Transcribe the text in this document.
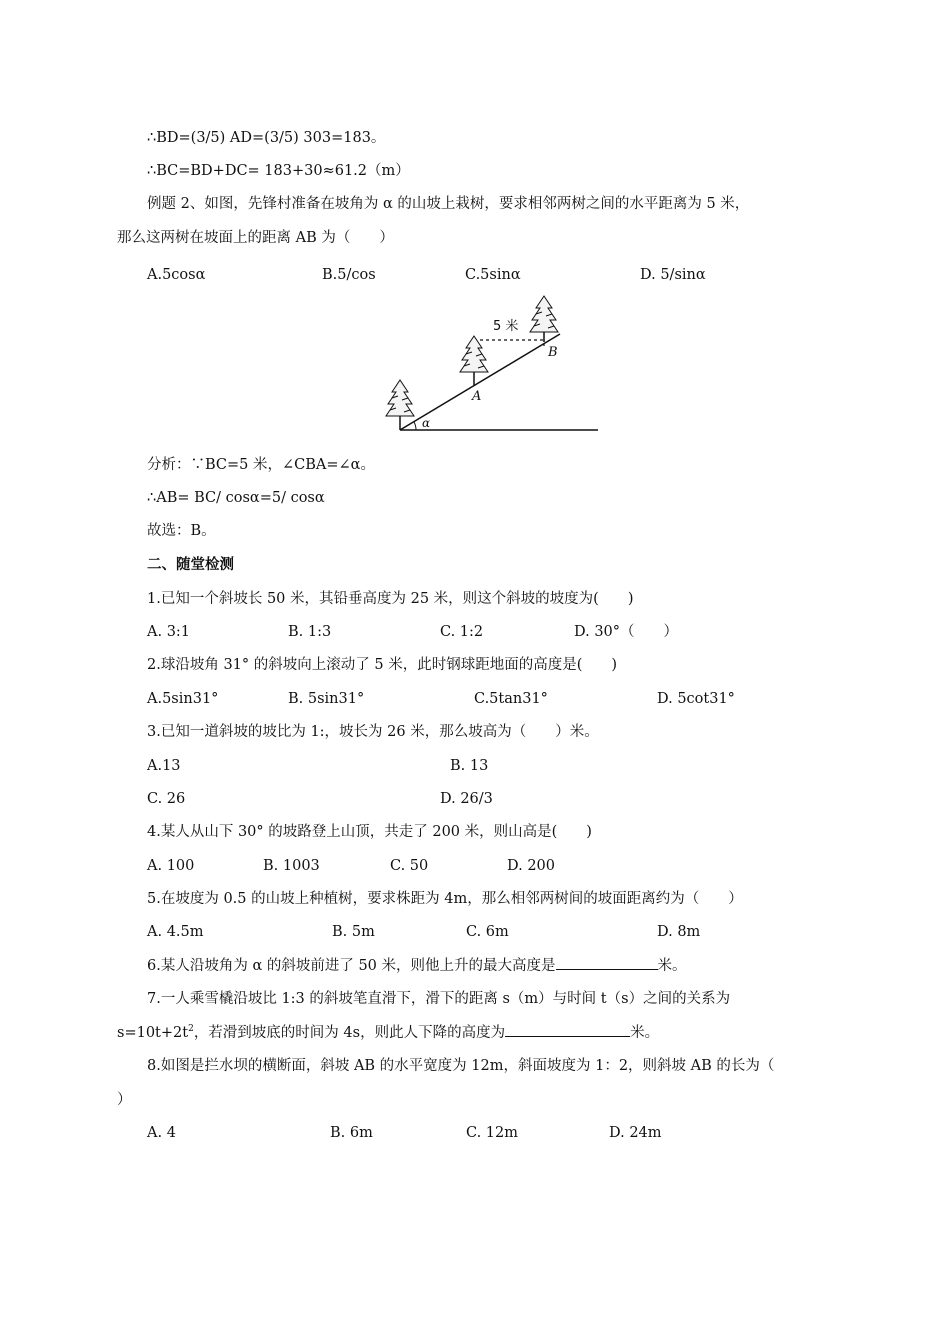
∴BD=(3/5) AD=(3/5) 303=183。
∴BC=BD+DC= 183+30≈61.2（m）
例题 2、如图，先锋村准备在坡角为 α 的山坡上栽树，要求相邻两树之间的水平距离为 5 米，
那么这两树在坡面上的距离 AB 为（　　）
A.5cosα	B.5/cos	C.5sinα	D. 5/sinα
5 米
A
B
α
分析：∵BC=5 米，∠CBA=∠α。
∴AB= BC/ cosα=5/ cosα
故选：B。
二、随堂检测
1.已知一个斜坡长 50 米，其铅垂高度为 25 米，则这个斜坡的坡度为(　　)
A. 3:1	B. 1:3	C. 1:2	D. 30°（　　）
2.球沿坡角 31° 的斜坡向上滚动了 5 米，此时钢球距地面的高度是(　　)
A.5sin31°	B. 5sin31°	C.5tan31°	D. 5cot31°
3.已知一道斜坡的坡比为 1:，坡长为 26 米，那么坡高为（　　）米。
A.13	B. 13
C. 26	D. 26/3
4.某人从山下 30° 的坡路登上山顶，共走了 200 米，则山高是(　　)
A. 100	B. 1003	C. 50	D. 200
5.在坡度为 0.5 的山坡上种植树，要求株距为 4m，那么相邻两树间的坡面距离约为（　　）
A. 4.5m	B. 5m	C. 6m	D. 8m
6.某人沿坡角为 α 的斜坡前进了 50 米，则他上升的最大高度是	米。
7.一人乘雪橇沿坡比 1:3 的斜坡笔直滑下，滑下的距离 s（m）与时间 t（s）之间的关系为
$s=10t+2t^2$，若滑到坡底的时间为 4s，则此人下降的高度为	米。
8.如图是拦水坝的横断面，斜坡 AB 的水平宽度为 12m，斜面坡度为 1：2，则斜坡 AB 的长为（
）
A. 4	B. 6m	C. 12m	D. 24m
